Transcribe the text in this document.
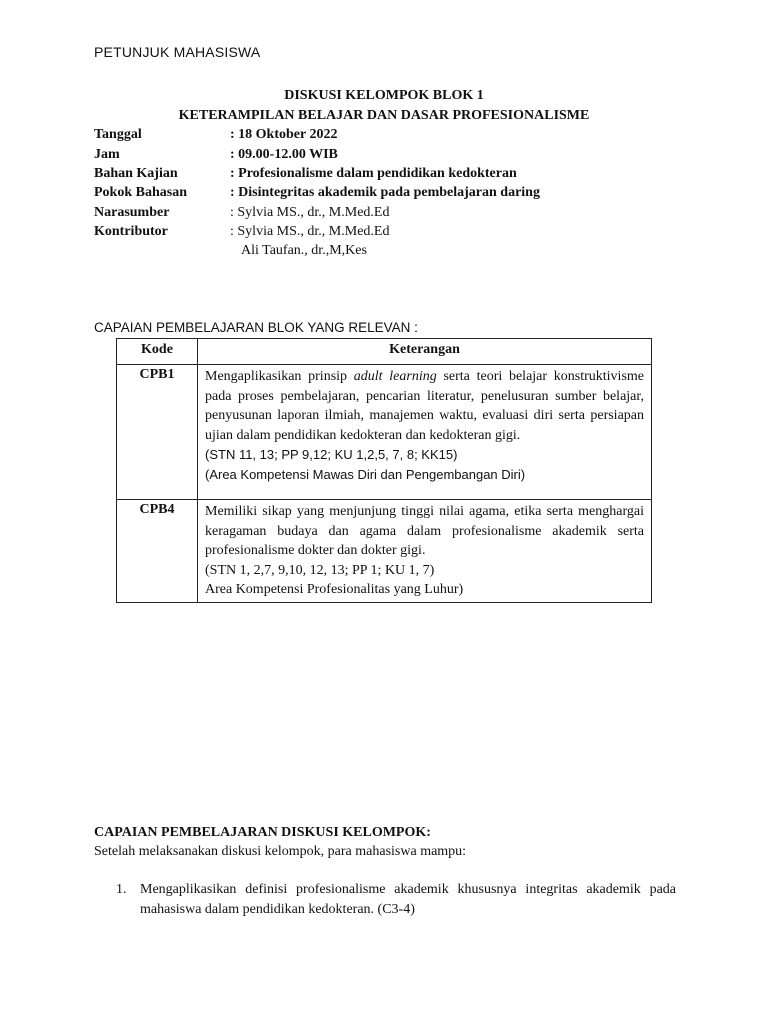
PETUNJUK MAHASISWA
DISKUSI KELOMPOK BLOK 1
KETERAMPILAN BELAJAR DAN DASAR PROFESIONALISME
Tanggal	: 18 Oktober 2022
Jam	: 09.00-12.00 WIB
Bahan Kajian	: Profesionalisme dalam pendidikan kedokteran
Pokok Bahasan	: Disintegritas akademik pada pembelajaran daring
Narasumber	: Sylvia MS., dr., M.Med.Ed
Kontributor	: Sylvia MS., dr., M.Med.Ed
Ali Taufan., dr.,M,Kes
CAPAIAN PEMBELAJARAN BLOK YANG RELEVAN :
Kode	Keterangan
CPB1	Mengaplikasikan prinsip adult learning serta teori belajar konstruktivisme pada proses pembelajaran, pencarian literatur, penelusuran sumber belajar, penyusunan laporan ilmiah, manajemen waktu, evaluasi diri serta persiapan ujian dalam pendidikan kedokteran dan kedokteran gigi.
(STN 11, 13; PP 9,12; KU 1,2,5, 7, 8; KK15)
(Area Kompetensi Mawas Diri dan Pengembangan Diri)

CPB4	Memiliki sikap yang menjunjung tinggi nilai agama, etika serta menghargai keragaman budaya dan agama dalam profesionalisme akademik serta profesionalisme dokter dan dokter gigi.
(STN 1, 2,7, 9,10, 12, 13; PP 1; KU 1, 7)
Area Kompetensi Profesionalitas yang Luhur)
CAPAIAN PEMBELAJARAN DISKUSI KELOMPOK:
Setelah melaksanakan diskusi kelompok, para mahasiswa mampu:
1. Mengaplikasikan definisi profesionalisme akademik khususnya integritas akademik pada mahasiswa dalam pendidikan kedokteran. (C3-4)
